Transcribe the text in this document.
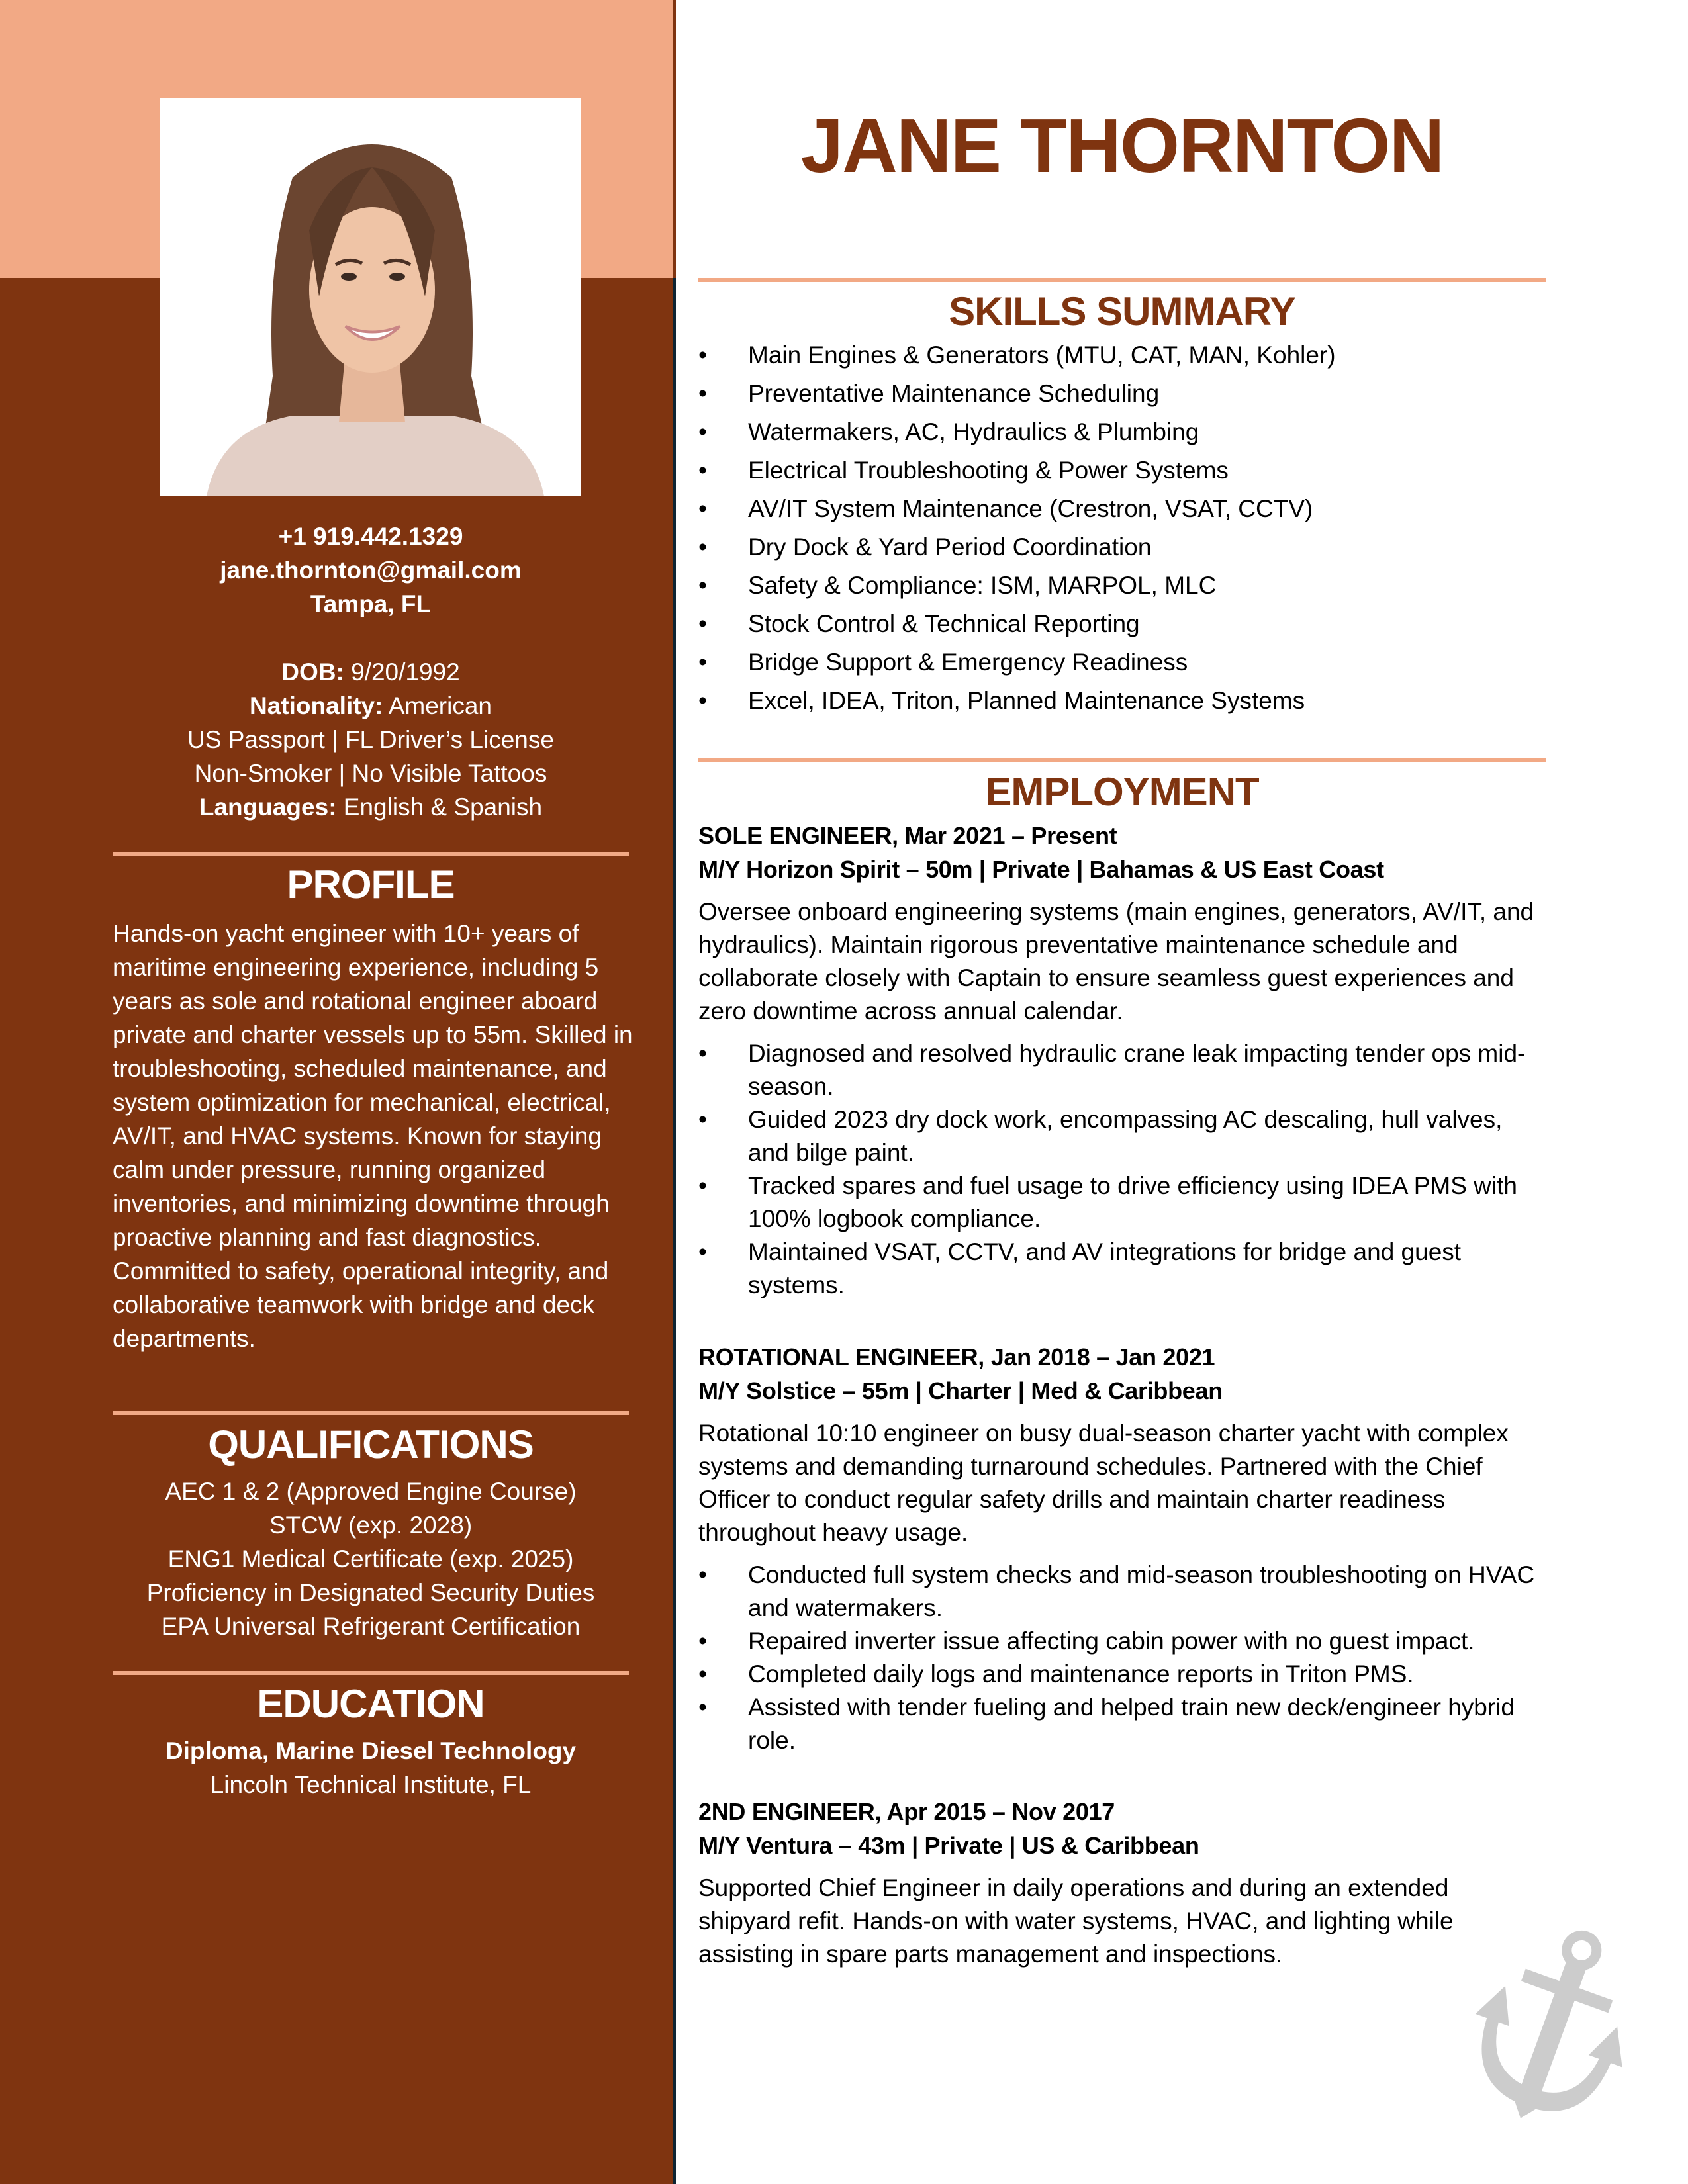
+1 919.442.1329
jane.thornton@gmail.com
Tampa, FL
DOB: 9/20/1992
Nationality: American
US Passport | FL Driver’s License
Non-Smoker | No Visible Tattoos
Languages: English & Spanish
PROFILE
Hands-on yacht engineer with 10+ years of maritime engineering experience, including 5 years as sole and rotational engineer aboard private and charter vessels up to 55m. Skilled in troubleshooting, scheduled maintenance, and system optimization for mechanical, electrical, AV/IT, and HVAC systems. Known for staying calm under pressure, running organized inventories, and minimizing downtime through proactive planning and fast diagnostics. Committed to safety, operational integrity, and collaborative teamwork with bridge and deck departments.
QUALIFICATIONS
AEC 1 & 2 (Approved Engine Course)
STCW (exp. 2028)
ENG1 Medical Certificate (exp. 2025)
Proficiency in Designated Security Duties
EPA Universal Refrigerant Certification
EDUCATION
Diploma, Marine Diesel Technology
Lincoln Technical Institute, FL
JANE THORNTON
SKILLS SUMMARY
• Main Engines & Generators (MTU, CAT, MAN, Kohler)
• Preventative Maintenance Scheduling
• Watermakers, AC, Hydraulics & Plumbing
• Electrical Troubleshooting & Power Systems
• AV/IT System Maintenance (Crestron, VSAT, CCTV)
• Dry Dock & Yard Period Coordination
• Safety & Compliance: ISM, MARPOL, MLC
• Stock Control & Technical Reporting
• Bridge Support & Emergency Readiness
• Excel, IDEA, Triton, Planned Maintenance Systems
EMPLOYMENT
SOLE ENGINEER, Mar 2021 – Present
M/Y Horizon Spirit – 50m | Private | Bahamas & US East Coast
Oversee onboard engineering systems (main engines, generators, AV/IT, and hydraulics). Maintain rigorous preventative maintenance schedule and collaborate closely with Captain to ensure seamless guest experiences and zero downtime across annual calendar.
• Diagnosed and resolved hydraulic crane leak impacting tender ops mid-season.
• Guided 2023 dry dock work, encompassing AC descaling, hull valves, and bilge paint.
• Tracked spares and fuel usage to drive efficiency using IDEA PMS with 100% logbook compliance.
• Maintained VSAT, CCTV, and AV integrations for bridge and guest systems.
ROTATIONAL ENGINEER, Jan 2018 – Jan 2021
M/Y Solstice – 55m | Charter | Med & Caribbean
Rotational 10:10 engineer on busy dual-season charter yacht with complex systems and demanding turnaround schedules. Partnered with the Chief Officer to conduct regular safety drills and maintain charter readiness throughout heavy usage.
• Conducted full system checks and mid-season troubleshooting on HVAC and watermakers.
• Repaired inverter issue affecting cabin power with no guest impact.
• Completed daily logs and maintenance reports in Triton PMS.
• Assisted with tender fueling and helped train new deck/engineer hybrid role.
2ND ENGINEER, Apr 2015 – Nov 2017
M/Y Ventura – 43m | Private | US & Caribbean
Supported Chief Engineer in daily operations and during an extended shipyard refit. Hands-on with water systems, HVAC, and lighting while assisting in spare parts management and inspections.
